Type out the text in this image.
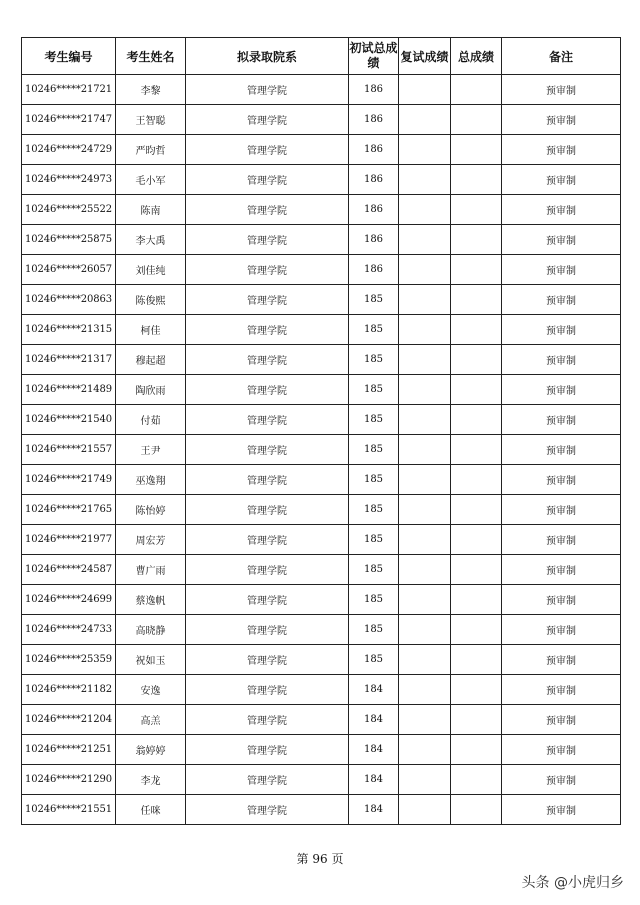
考生编号	考生姓名	拟录取院系	初试总成绩	复试成绩	总成绩	备注
10246*****21721	李黎	管理学院	186			预审制
10246*****21747	王智聪	管理学院	186			预审制
10246*****24729	严昀哲	管理学院	186			预审制
10246*****24973	毛小军	管理学院	186			预审制
10246*****25522	陈南	管理学院	186			预审制
10246*****25875	李大禹	管理学院	186			预审制
10246*****26057	刘佳纯	管理学院	186			预审制
10246*****20863	陈俊熙	管理学院	185			预审制
10246*****21315	柯佳	管理学院	185			预审制
10246*****21317	穆起超	管理学院	185			预审制
10246*****21489	陶欣雨	管理学院	185			预审制
10246*****21540	付茹	管理学院	185			预审制
10246*****21557	王尹	管理学院	185			预审制
10246*****21749	巫逸翔	管理学院	185			预审制
10246*****21765	陈怡婷	管理学院	185			预审制
10246*****21977	周宏芳	管理学院	185			预审制
10246*****24587	曹广雨	管理学院	185			预审制
10246*****24699	蔡逸帆	管理学院	185			预审制
10246*****24733	高晓静	管理学院	185			预审制
10246*****25359	祝如玉	管理学院	185			预审制
10246*****21182	安逸	管理学院	184			预审制
10246*****21204	高羔	管理学院	184			预审制
10246*****21251	翁婷婷	管理学院	184			预审制
10246*****21290	李龙	管理学院	184			预审制
10246*****21551	任咪	管理学院	184			预审制
第 96 页
头条 @小虎归乡
